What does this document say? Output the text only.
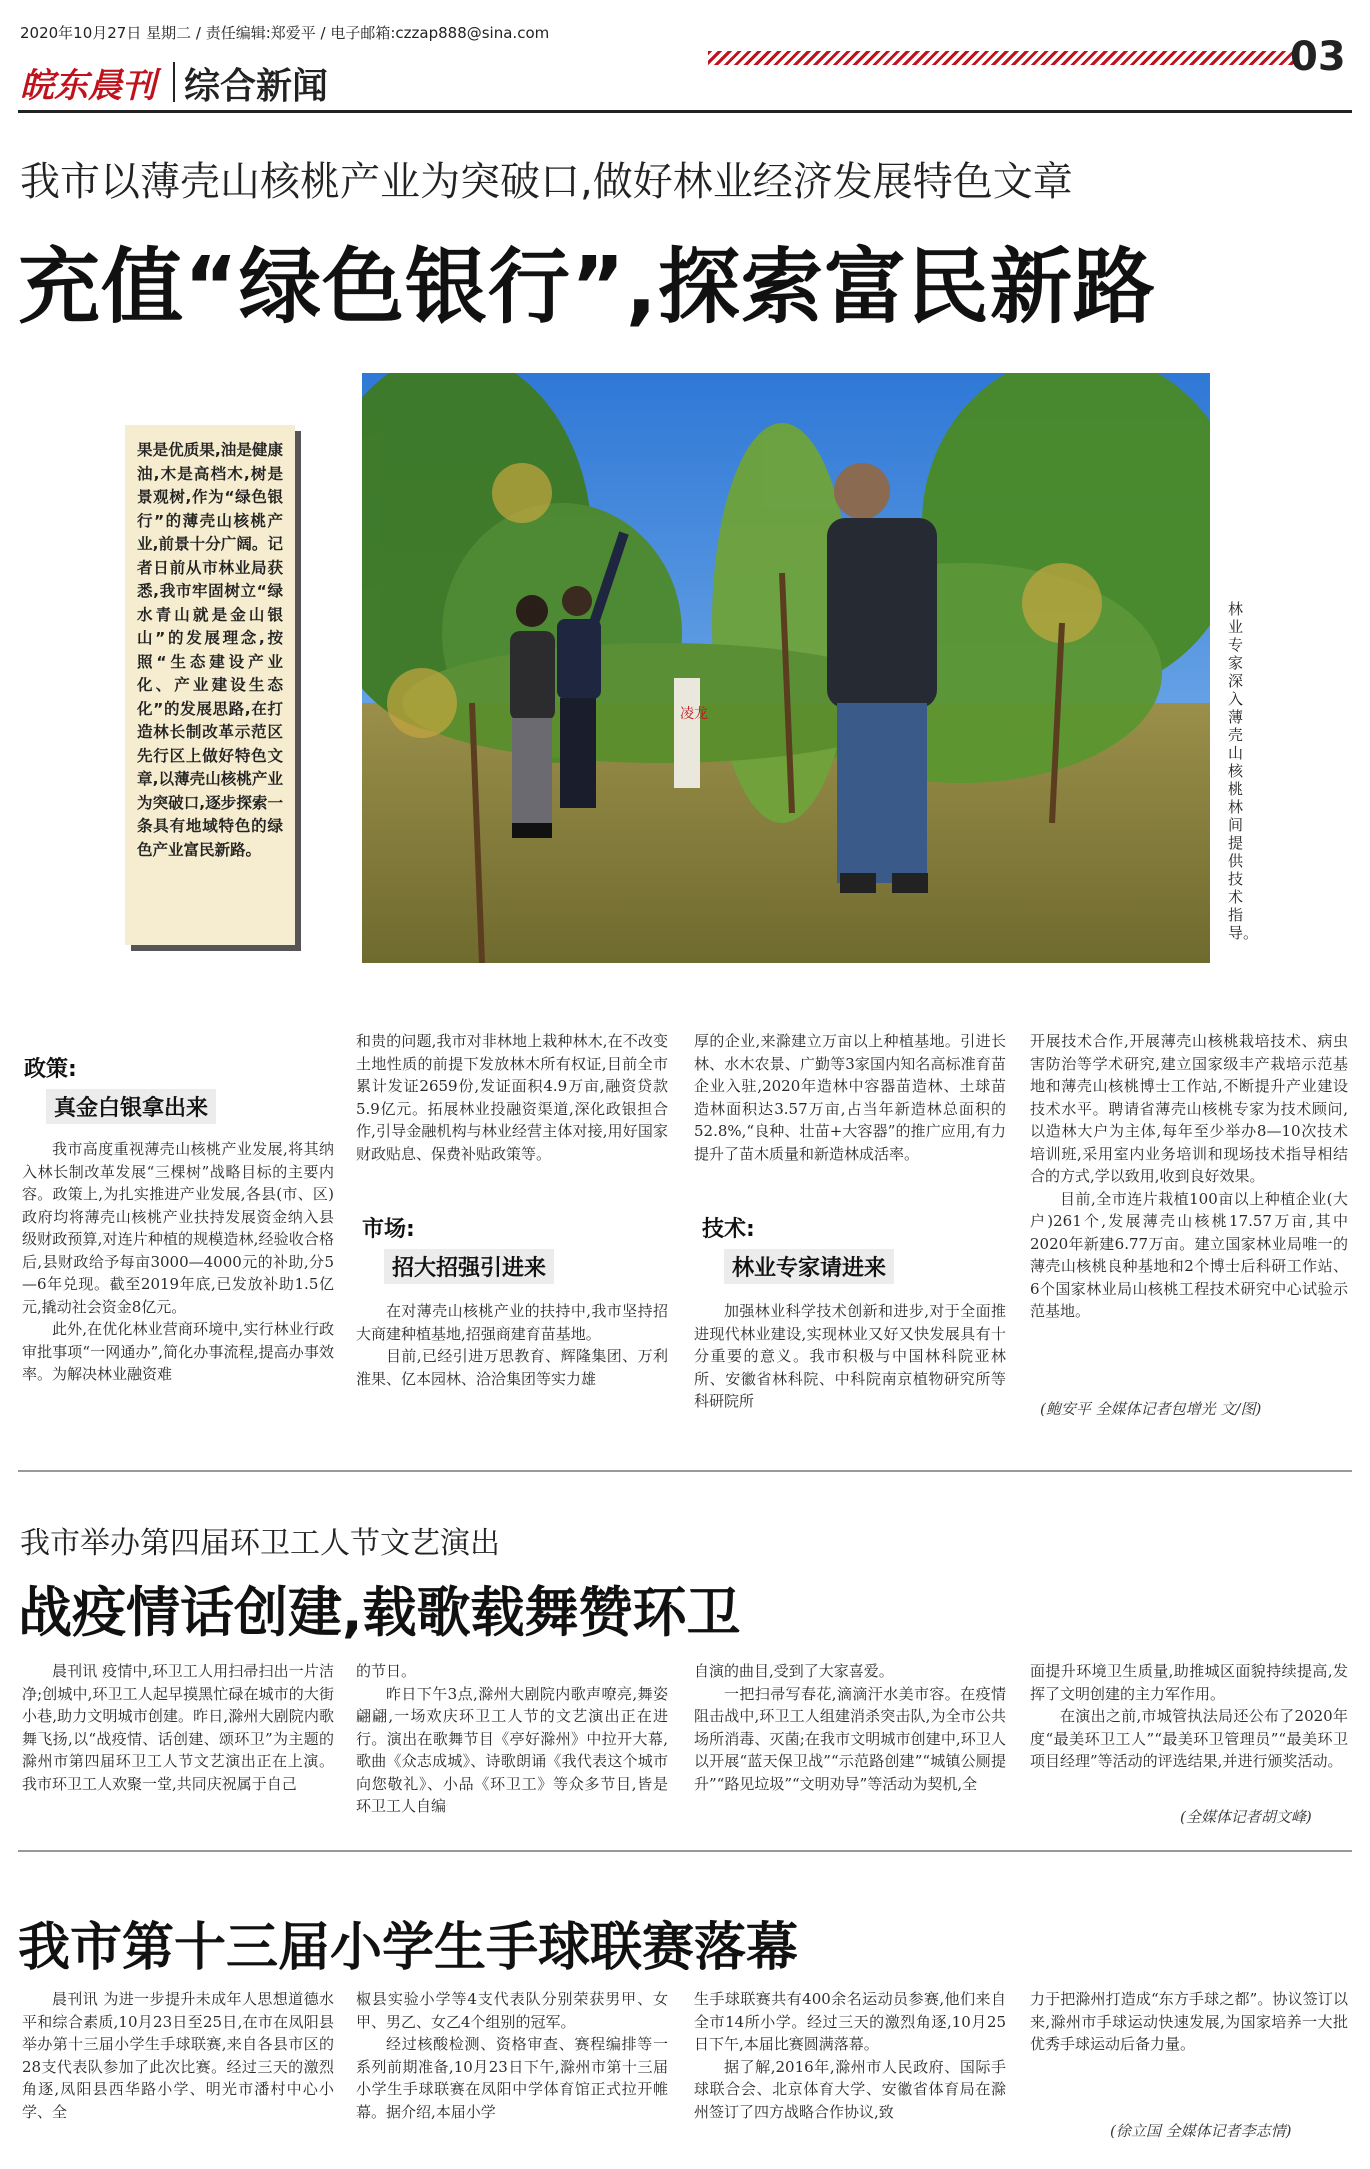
2020年10月27日 星期二 / 责任编辑:郑爱平 / 电子邮箱:czzap888@sina.com
皖东晨刊 综合新闻
03
我市以薄壳山核桃产业为突破口,做好林业经济发展特色文章
充值“绿色银行”,探索富民新路
果是优质果,油是健康油,木是高档木,树是景观树,作为“绿色银行”的薄壳山核桃产业,前景十分广阔。记者日前从市林业局获悉,我市牢固树立“绿水青山就是金山银山”的发展理念,按照“生态建设产业化、产业建设生态化”的发展思路,在打造林长制改革示范区先行区上做好特色文章,以薄壳山核桃产业为突破口,逐步探索一条具有地域特色的绿色产业富民新路。
凌龙
林业专家深入薄壳山核桃林间提供技术指导。
政策:
真金白银拿出来

我市高度重视薄壳山核桃产业发展,将其纳入林长制改革发展“三棵树”战略目标的主要内容。政策上,为扎实推进产业发展,各县(市、区)政府均将薄壳山核桃产业扶持发展资金纳入县级财政预算,对连片种植的规模造林,经验收合格后,县财政给予每亩3000—4000元的补助,分5—6年兑现。截至2019年底,已发放补助1.5亿元,撬动社会资金8亿元。

此外,在优化林业营商环境中,实行林业行政审批事项“一网通办”,简化办事流程,提高办事效率。为解决林业融资难

和贵的问题,我市对非林地上栽种林木,在不改变土地性质的前提下发放林木所有权证,目前全市累计发证2659份,发证面积4.9万亩,融资贷款5.9亿元。拓展林业投融资渠道,深化政银担合作,引导金融机构与林业经营主体对接,用好国家财政贴息、保费补贴政策等。

市场:
招大招强引进来

在对薄壳山核桃产业的扶持中,我市坚持招大商建种植基地,招强商建育苗基地。

目前,已经引进万思教育、辉隆集团、万利淮果、亿本园林、洽洽集团等实力雄

厚的企业,来滁建立万亩以上种植基地。引进长林、水木农景、广勤等3家国内知名高标准育苗企业入驻,2020年造林中容器苗造林、土球苗造林面积达3.57万亩,占当年新造林总面积的52.8%,“良种、壮苗+大容器”的推广应用,有力提升了苗木质量和新造林成活率。

技术:
林业专家请进来

加强林业科学技术创新和进步,对于全面推进现代林业建设,实现林业又好又快发展具有十分重要的意义。我市积极与中国林科院亚林所、安徽省林科院、中科院南京植物研究所等科研院所

开展技术合作,开展薄壳山核桃栽培技术、病虫害防治等学术研究,建立国家级丰产栽培示范基地和薄壳山核桃博士工作站,不断提升产业建设技术水平。聘请省薄壳山核桃专家为技术顾问,以造林大户为主体,每年至少举办8—10次技术培训班,采用室内业务培训和现场技术指导相结合的方式,学以致用,收到良好效果。

目前,全市连片栽植100亩以上种植企业(大户)261个,发展薄壳山核桃17.57万亩,其中2020年新建6.77万亩。建立国家林业局唯一的薄壳山核桃良种基地和2个博士后科研工作站、6个国家林业局山核桃工程技术研究中心试验示范基地。

(鲍安平 全媒体记者包增光 文/图)
我市举办第四届环卫工人节文艺演出
战疫情话创建,载歌载舞赞环卫

晨刊讯 疫情中,环卫工人用扫帚扫出一片洁净;创城中,环卫工人起早摸黑忙碌在城市的大街小巷,助力文明城市创建。昨日,滁州大剧院内歌舞飞扬,以“战疫情、话创建、颂环卫”为主题的滁州市第四届环卫工人节文艺演出正在上演。我市环卫工人欢聚一堂,共同庆祝属于自己

的节日。

昨日下午3点,滁州大剧院内歌声嘹亮,舞姿翩翩,一场欢庆环卫工人节的文艺演出正在进行。演出在歌舞节目《亭好滁州》中拉开大幕,歌曲《众志成城》、诗歌朗诵《我代表这个城市向您敬礼》、小品《环卫工》等众多节目,皆是环卫工人自编

自演的曲目,受到了大家喜爱。

一把扫帚写春花,滴滴汗水美市容。在疫情阻击战中,环卫工人组建消杀突击队,为全市公共场所消毒、灭菌;在我市文明城市创建中,环卫人以开展“蓝天保卫战”“示范路创建”“城镇公厕提升”“路见垃圾”“文明劝导”等活动为契机,全

面提升环境卫生质量,助推城区面貌持续提高,发挥了文明创建的主力军作用。

在演出之前,市城管执法局还公布了2020年度“最美环卫工人”“最美环卫管理员”“最美环卫项目经理”等活动的评选结果,并进行颁奖活动。

(全媒体记者胡文峰)
我市第十三届小学生手球联赛落幕

晨刊讯 为进一步提升未成年人思想道德水平和综合素质,10月23日至25日,在市在凤阳县举办第十三届小学生手球联赛,来自各县市区的28支代表队参加了此次比赛。经过三天的激烈角逐,凤阳县西华路小学、明光市潘村中心小学、全

椒县实验小学等4支代表队分别荣获男甲、女甲、男乙、女乙4个组别的冠军。

经过核酸检测、资格审查、赛程编排等一系列前期准备,10月23日下午,滁州市第十三届小学生手球联赛在凤阳中学体育馆正式拉开帷幕。据介绍,本届小学

生手球联赛共有400余名运动员参赛,他们来自全市14所小学。经过三天的激烈角逐,10月25日下午,本届比赛圆满落幕。

据了解,2016年,滁州市人民政府、国际手球联合会、北京体育大学、安徽省体育局在滁州签订了四方战略合作协议,致

力于把滁州打造成“东方手球之都”。协议签订以来,滁州市手球运动快速发展,为国家培养一大批优秀手球运动后备力量。

(徐立国 全媒体记者李志情)
